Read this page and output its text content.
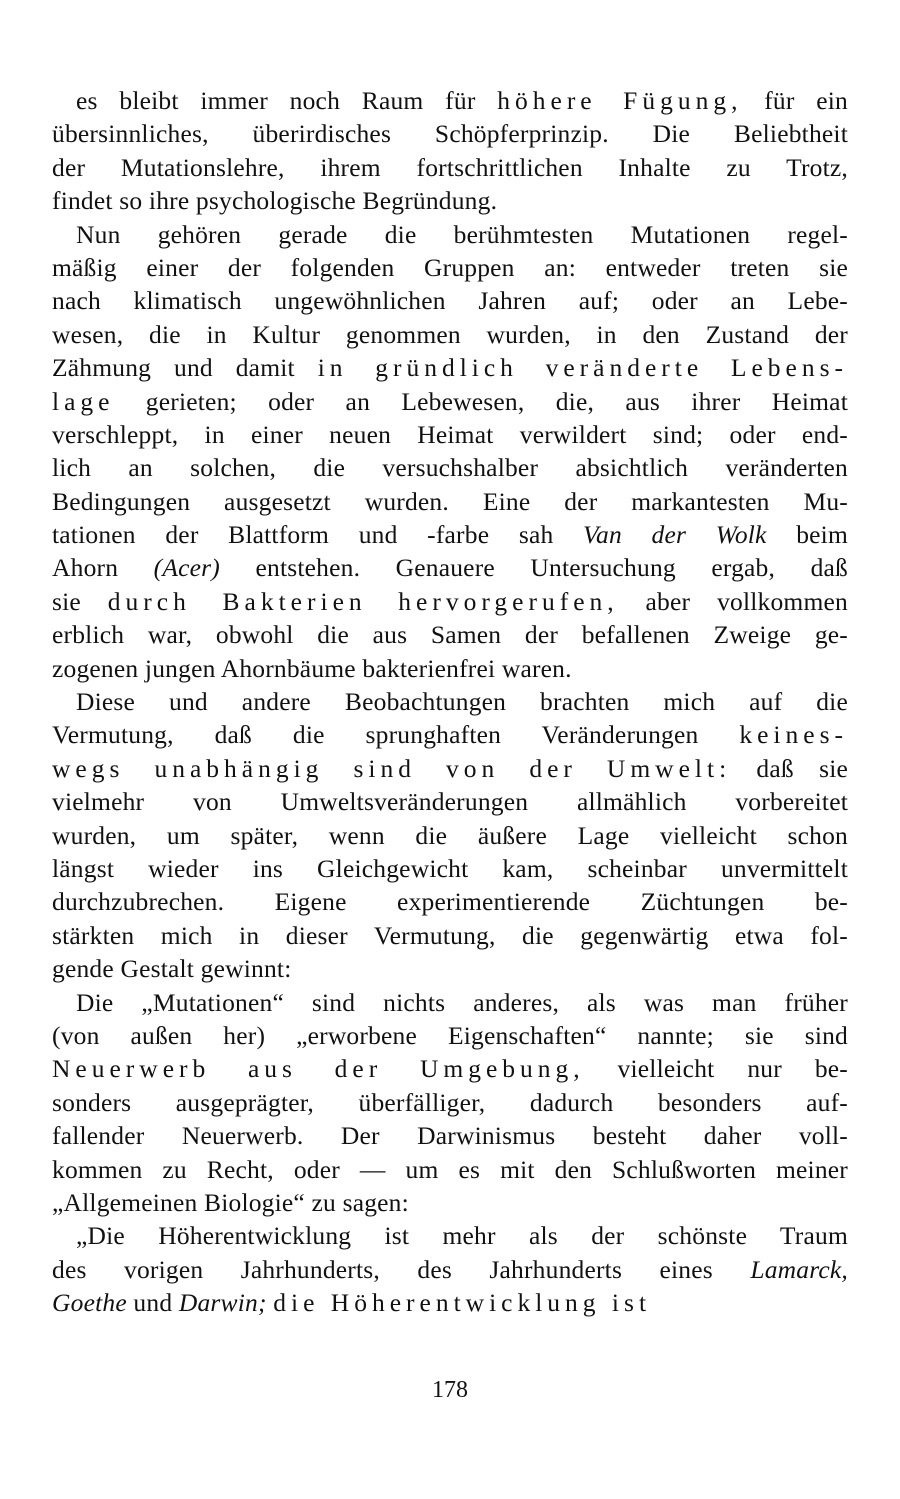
es bleibt immer noch Raum für höhere Fügung, für ein
übersinnliches, überirdisches Schöpferprinzip. Die Beliebtheit
der Mutationslehre, ihrem fortschrittlichen Inhalte zu Trotz,
findet so ihre psychologische Begründung.
Nun gehören gerade die berühmtesten Mutationen regel-
mäßig einer der folgenden Gruppen an: entweder treten sie
nach klimatisch ungewöhnlichen Jahren auf; oder an Lebe-
wesen, die in Kultur genommen wurden, in den Zustand der
Zähmung und damit in gründlich veränderte Lebens-
lage gerieten; oder an Lebewesen, die, aus ihrer Heimat
verschleppt, in einer neuen Heimat verwildert sind; oder end-
lich an solchen, die versuchshalber absichtlich veränderten
Bedingungen ausgesetzt wurden. Eine der markantesten Mu-
tationen der Blattform und -farbe sah Van der Wolk beim
Ahorn (Acer) entstehen. Genauere Untersuchung ergab, daß
sie durch Bakterien hervorgerufen, aber vollkommen
erblich war, obwohl die aus Samen der befallenen Zweige ge-
zogenen jungen Ahornbäume bakterienfrei waren.
Diese und andere Beobachtungen brachten mich auf die
Vermutung, daß die sprunghaften Veränderungen keines-
wegs unabhängig sind von der Umwelt: daß sie
vielmehr von Umweltsveränderungen allmählich vorbereitet
wurden, um später, wenn die äußere Lage vielleicht schon
längst wieder ins Gleichgewicht kam, scheinbar unvermittelt
durchzubrechen. Eigene experimentierende Züchtungen be-
stärkten mich in dieser Vermutung, die gegenwärtig etwa fol-
gende Gestalt gewinnt:
Die „Mutationen“ sind nichts anderes, als was man früher
(von außen her) „erworbene Eigenschaften“ nannte; sie sind
Neuerwerb aus der Umgebung, vielleicht nur be-
sonders ausgeprägter, überfälliger, dadurch besonders auf-
fallender Neuerwerb. Der Darwinismus besteht daher voll-
kommen zu Recht, oder — um es mit den Schlußworten meiner
„Allgemeinen Biologie“ zu sagen:
„Die Höherentwicklung ist mehr als der schönste Traum
des vorigen Jahrhunderts, des Jahrhunderts eines Lamarck,
Goethe und Darwin; die Höherentwicklung ist
178
